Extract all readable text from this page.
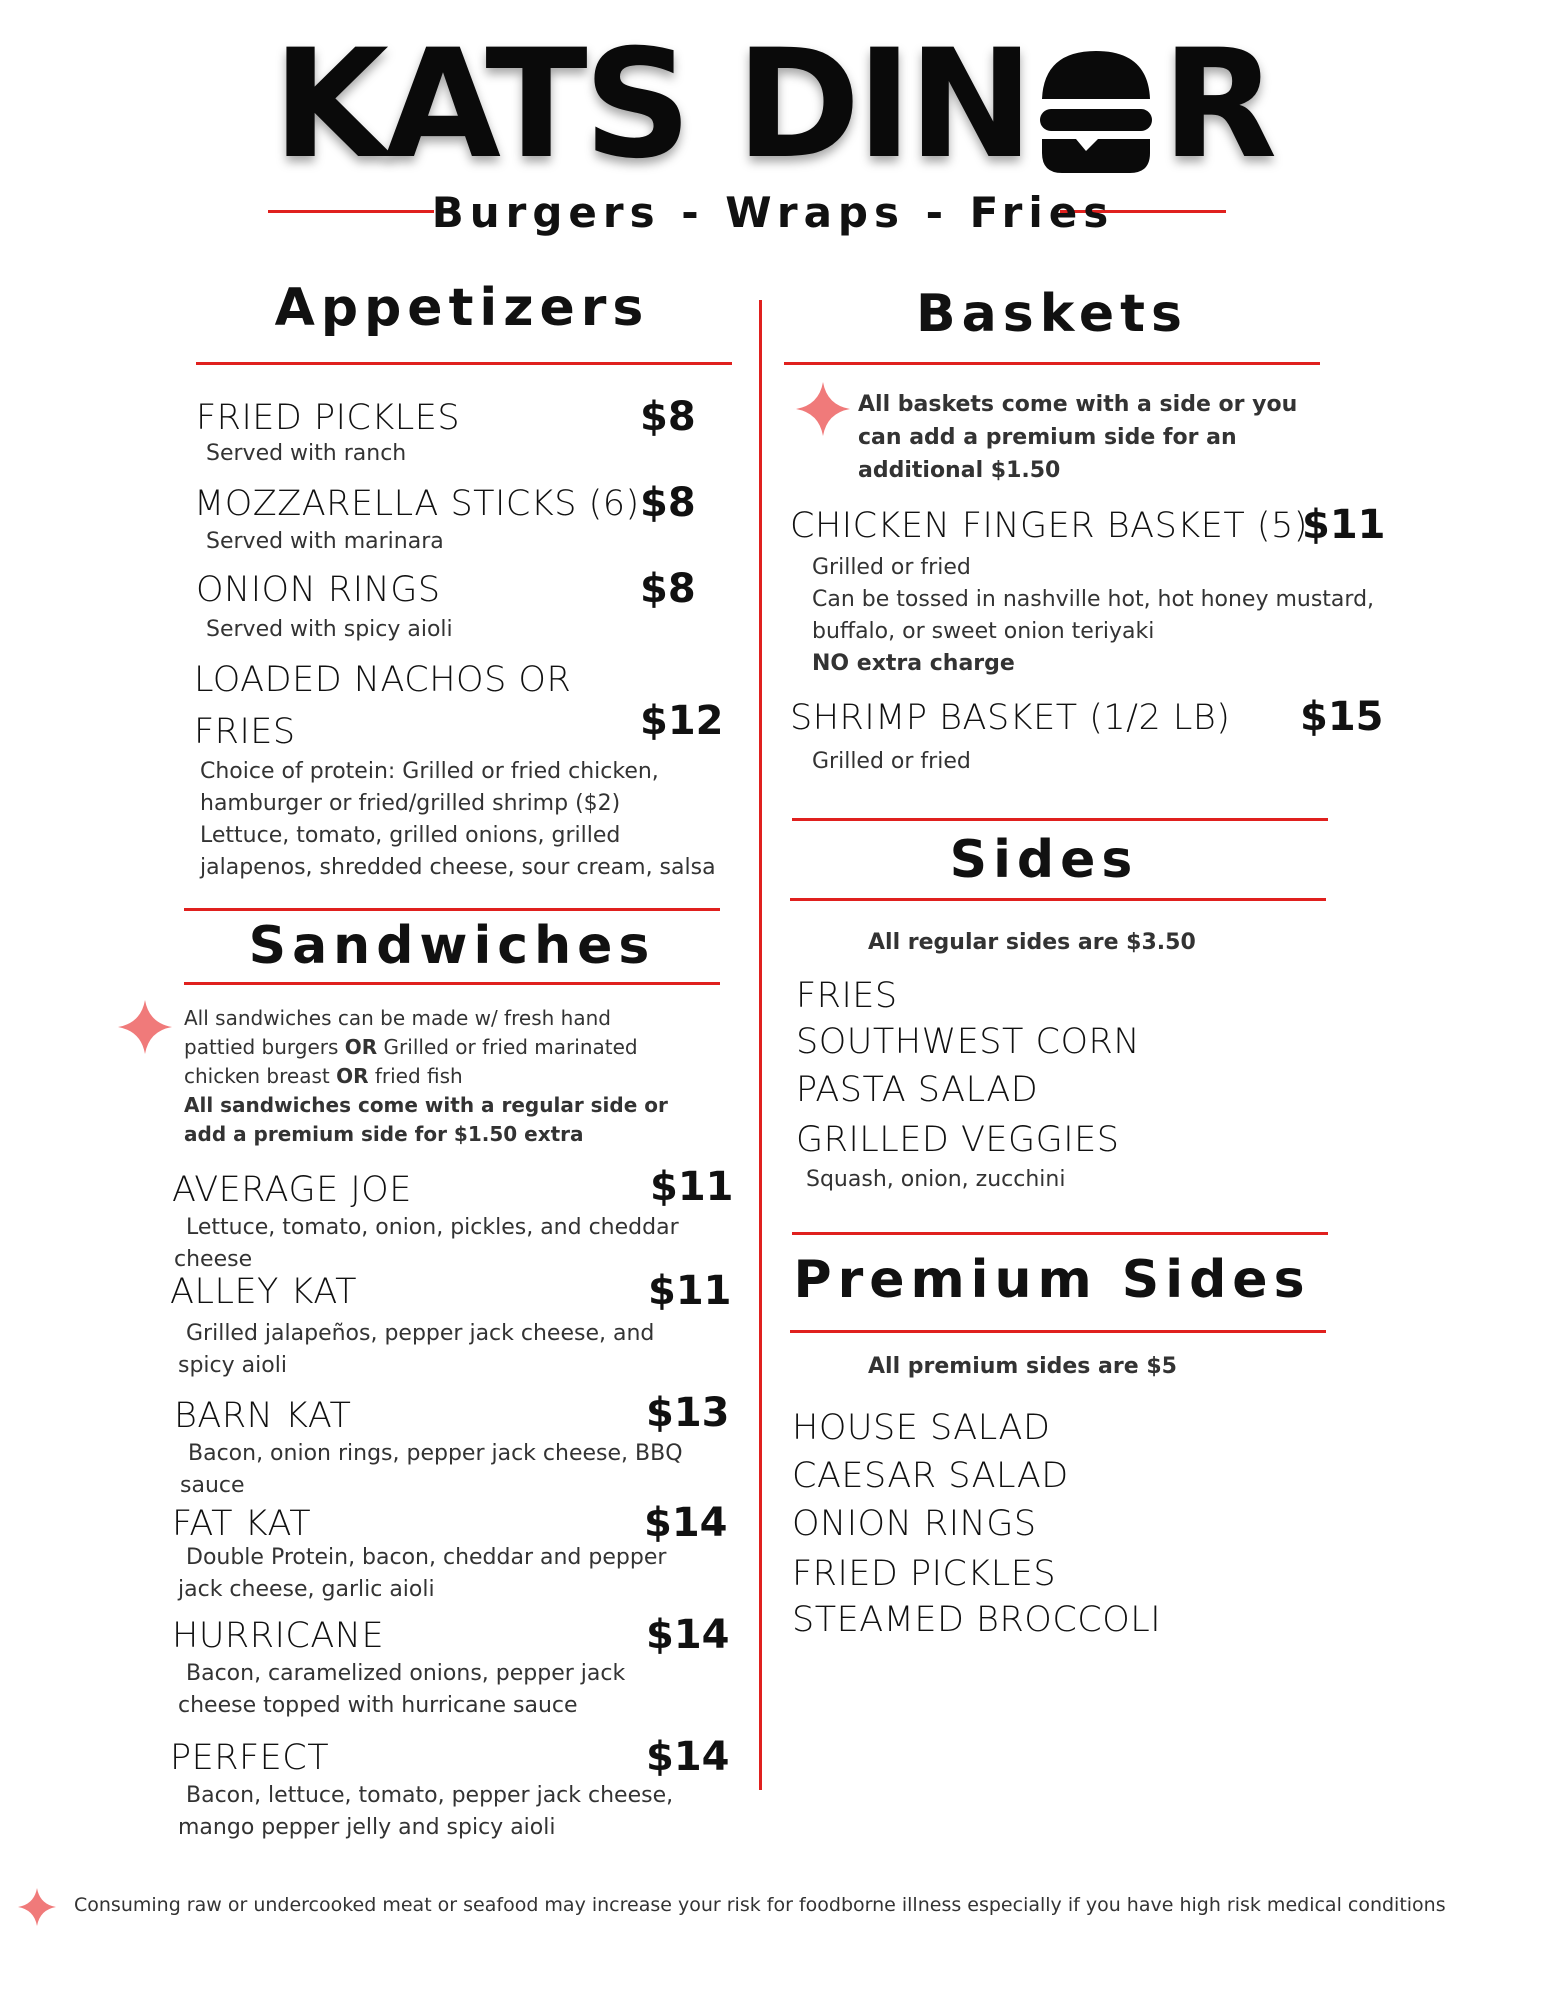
KATS DIN R
Burgers - Wraps - Fries
Appetizers
FRIED PICKLES	$8
Served with ranch
MOZZARELLA STICKS (6) $8
Served with marinara
ONION RINGS	$8
Served with spicy aioli
LOADED NACHOS OR
FRIES	$12
Choice of protein: Grilled or fried chicken,
hamburger or fried/grilled shrimp ($2)
Lettuce, tomato, grilled onions, grilled
jalapenos, shredded cheese, sour cream, salsa
Sandwiches
All sandwiches can be made w/ fresh hand
pattied burgers OR Grilled or fried marinated
chicken breast OR fried fish
All sandwiches come with a regular side or
add a premium side for $1.50 extra
AVERAGE JOE	$11
Lettuce, tomato, onion, pickles, and cheddar
cheese
ALLEY KAT	$11
Grilled jalapeños, pepper jack cheese, and
spicy aioli
BARN KAT	$13
Bacon, onion rings, pepper jack cheese, BBQ
sauce
FAT KAT	$14
Double Protein, bacon, cheddar and pepper
jack cheese, garlic aioli
HURRICANE	$14
Bacon, caramelized onions, pepper jack
cheese topped with hurricane sauce
PERFECT	$14
Bacon, lettuce, tomato, pepper jack cheese,
mango pepper jelly and spicy aioli
Baskets
All baskets come with a side or you
can add a premium side for an
additional $1.50
CHICKEN FINGER BASKET (5)
$11
Grilled or fried
Can be tossed in nashville hot, hot honey mustard,
buffalo, or sweet onion teriyaki
NO extra charge
SHRIMP BASKET (1/2 LB) $15
Grilled or fried
Sides
All regular sides are $3.50
FRIES
SOUTHWEST CORN
PASTA SALAD
GRILLED VEGGIES
Squash, onion, zucchini
Premium Sides
All premium sides are $5
HOUSE SALAD
CAESAR SALAD
ONION RINGS
FRIED PICKLES
STEAMED BROCCOLI
Consuming raw or undercooked meat or seafood may increase your risk for foodborne illness especially if you have high risk medical conditions
